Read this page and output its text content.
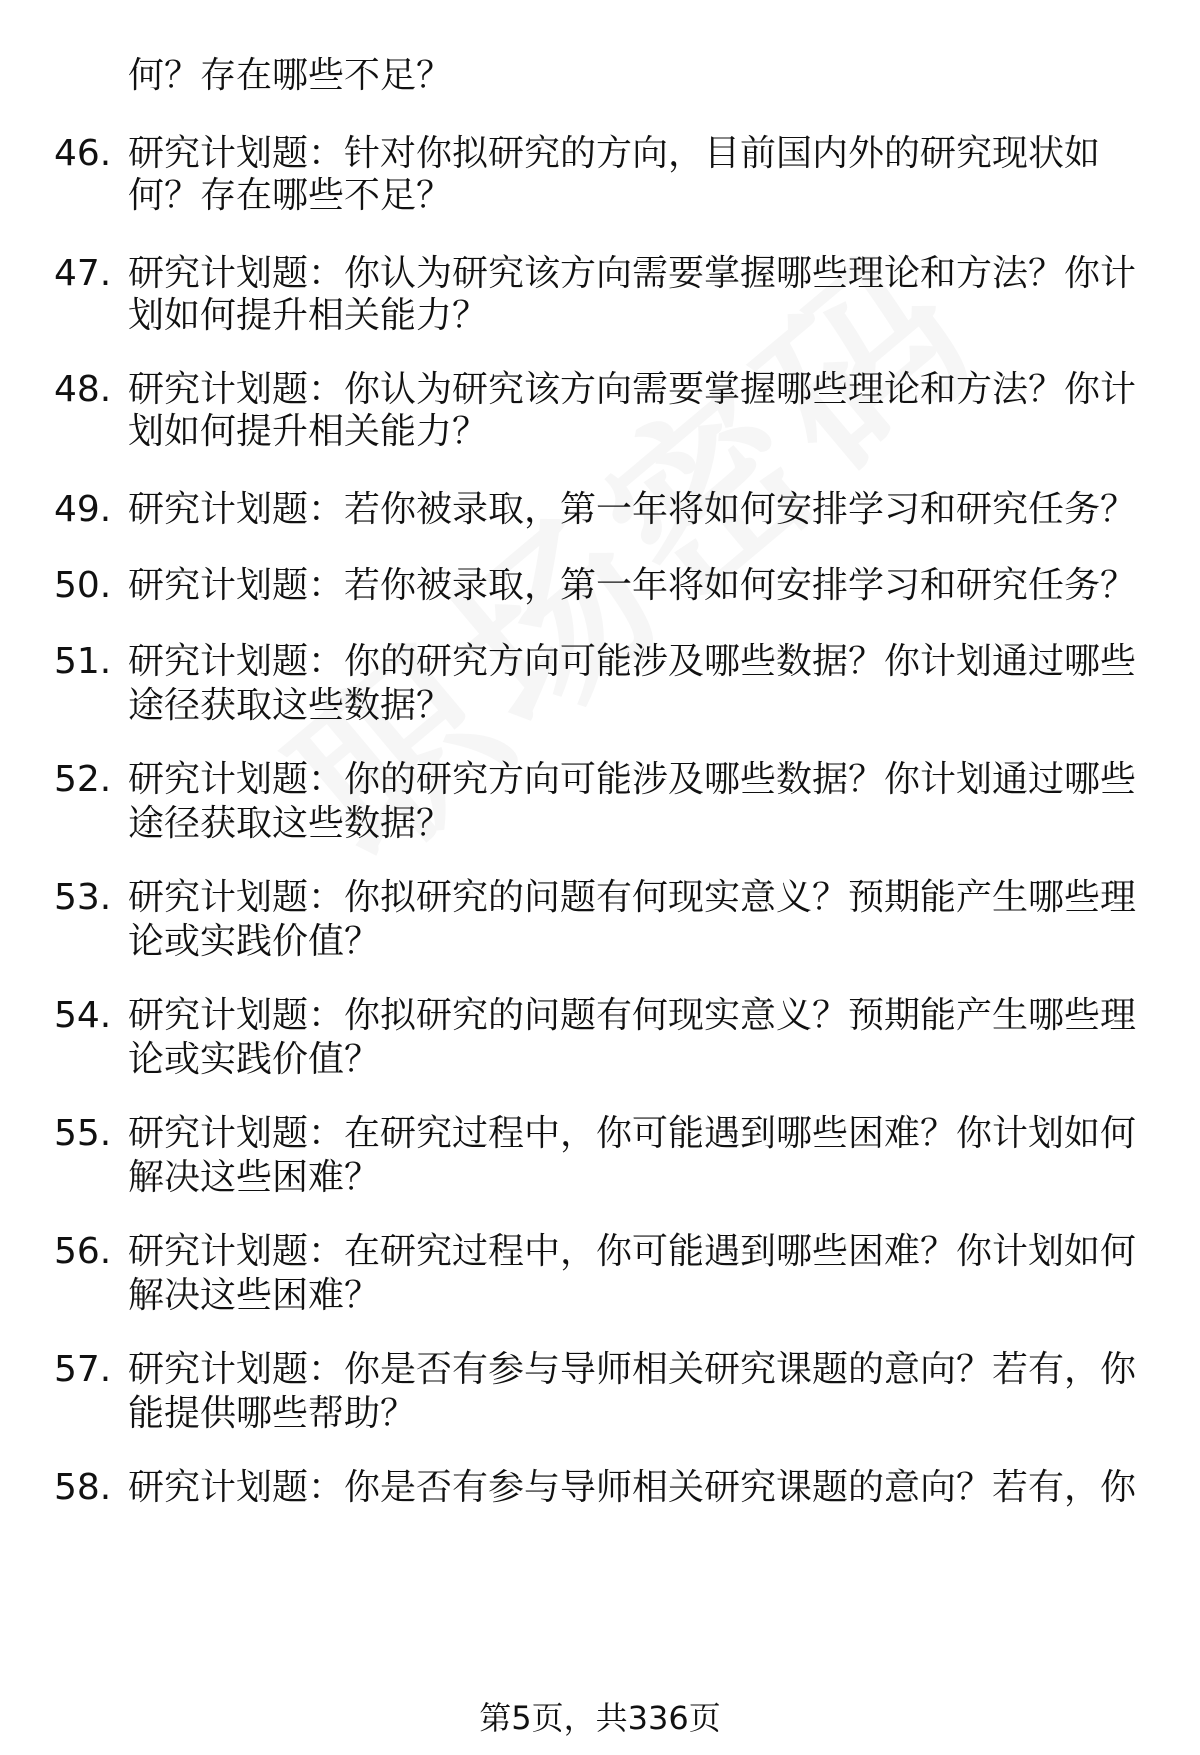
何？存在哪些不足？
46. 研究计划题：针对你拟研究的方向，目前国内外的研究现状如
何？存在哪些不足？
47. 研究计划题：你认为研究该方向需要掌握哪些理论和方法？你计
划如何提升相关能力？
48. 研究计划题：你认为研究该方向需要掌握哪些理论和方法？你计
划如何提升相关能力？
49. 研究计划题：若你被录取，第一年将如何安排学习和研究任务？
50. 研究计划题：若你被录取，第一年将如何安排学习和研究任务？
51. 研究计划题：你的研究方向可能涉及哪些数据？你计划通过哪些
途径获取这些数据？
52. 研究计划题：你的研究方向可能涉及哪些数据？你计划通过哪些
途径获取这些数据？
53. 研究计划题：你拟研究的问题有何现实意义？预期能产生哪些理
论或实践价值？
54. 研究计划题：你拟研究的问题有何现实意义？预期能产生哪些理
论或实践价值？
55. 研究计划题：在研究过程中，你可能遇到哪些困难？你计划如何
解决这些困难？
56. 研究计划题：在研究过程中，你可能遇到哪些困难？你计划如何
解决这些困难？
57. 研究计划题：你是否有参与导师相关研究课题的意向？若有，你
能提供哪些帮助？
58. 研究计划题：你是否有参与导师相关研究课题的意向？若有，你
第5页，共336页
